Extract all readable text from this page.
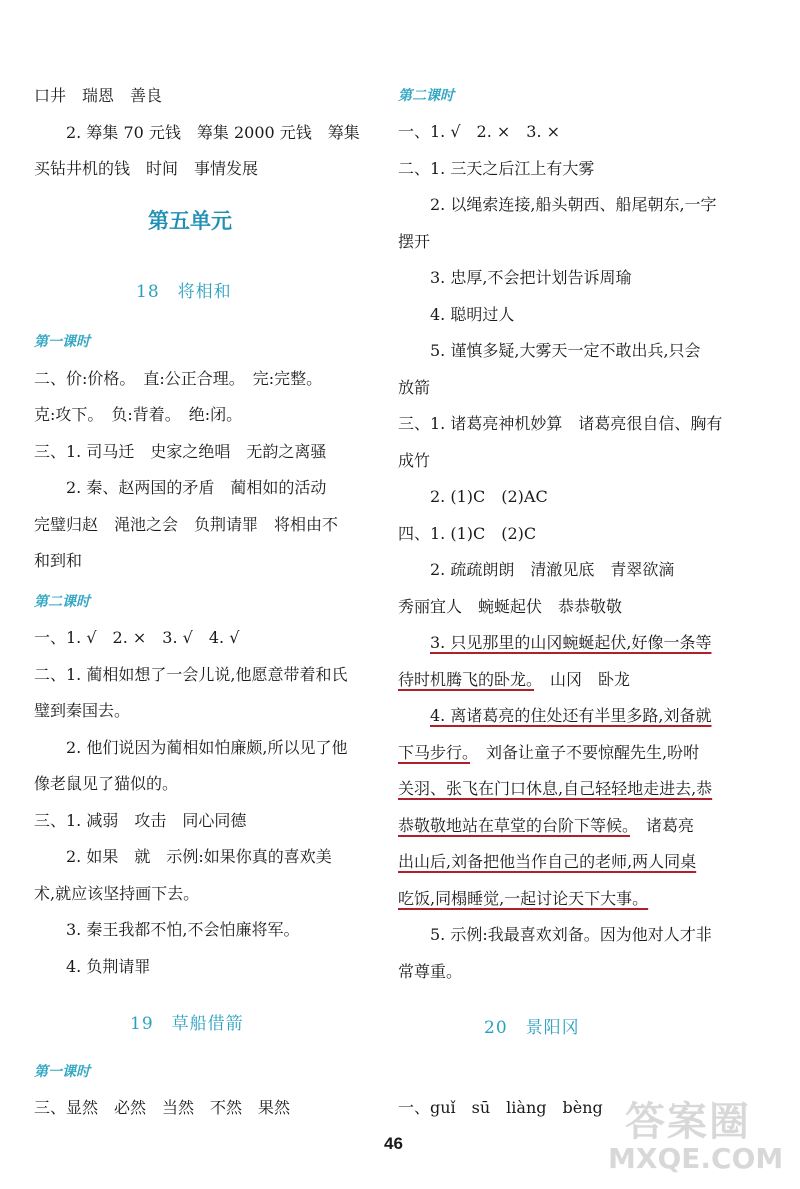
口井　瑞恩　善良
2. 筹集 70 元钱　筹集 2000 元钱　筹集
买钻井机的钱　时间　事情发展
第五单元
18　将相和
第一课时
二、价:价格。　直:公正合理。　完:完整。
克:攻下。　负:背着。　绝:闭。
三、1. 司马迁　史家之绝唱　无韵之离骚
2. 秦、赵两国的矛盾　蔺相如的活动
完璧归赵　渑池之会　负荆请罪　将相由不
和到和
第二课时
一、1. √　2. ×　3. √　4. √
二、1. 蔺相如想了一会儿说,他愿意带着和氏
璧到秦国去。
2. 他们说因为蔺相如怕廉颇,所以见了他
像老鼠见了猫似的。
三、1. 减弱　攻击　同心同德
2. 如果　就　示例:如果你真的喜欢美
术,就应该坚持画下去。
3. 秦王我都不怕,不会怕廉将军。
4. 负荆请罪
19　草船借箭
第一课时
三、显然　必然　当然　不然　果然
第二课时
一、1. √　2. ×　3. ×
二、1. 三天之后江上有大雾
2. 以绳索连接,船头朝西、船尾朝东,一字
摆开
3. 忠厚,不会把计划告诉周瑜
4. 聪明过人
5. 谨慎多疑,大雾天一定不敢出兵,只会
放箭
三、1. 诸葛亮神机妙算　诸葛亮很自信、胸有
成竹
2. (1)C　(2)AC
四、1. (1)C　(2)C
2. 疏疏朗朗　清澈见底　青翠欲滴
秀丽宜人　蜿蜒起伏　恭恭敬敬
3. 只见那里的山冈蜿蜒起伏,好像一条等
待时机腾飞的卧龙。　山冈　卧龙
4. 离诸葛亮的住处还有半里多路,刘备就
下马步行。　刘备让童子不要惊醒先生,吩咐
关羽、张飞在门口休息,自己轻轻地走进去,恭
恭敬敬地站在草堂的台阶下等候。　诸葛亮
出山后,刘备把他当作自己的老师,两人同桌
吃饭,同榻睡觉,一起讨论天下大事。
5. 示例:我最喜欢刘备。因为他对人才非
常尊重。
20　景阳冈
一、guǐ　sū　liàng　bèng
46	答案圈
MXQE.COM
